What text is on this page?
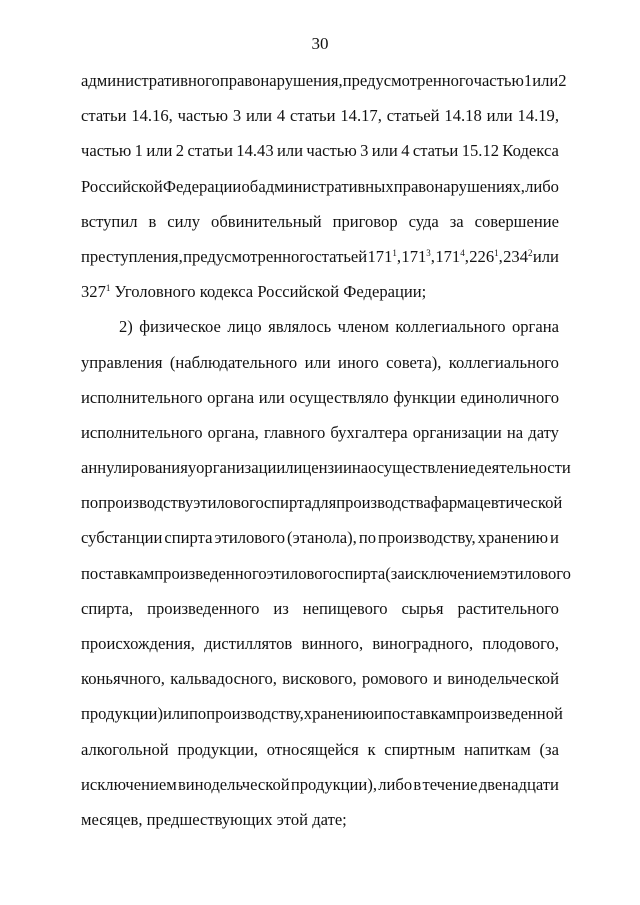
30
административного правонарушения, предусмотренного частью 1 или 2
статьи 14.16, частью 3 или 4 статьи 14.17, статьей 14.18 или 14.19,
частью 1 или 2 статьи 14.43 или частью 3 или 4 статьи 15.12 Кодекса
Российской Федерации об административных правонарушениях, либо
вступил в силу обвинительный приговор суда за совершение
преступления, предусмотренного статьей $171^1$, $171^3$, $171^4$, $226^1$, $234^2$ или
$327^1$ Уголовного кодекса Российской Федерации;
2) физическое лицо являлось членом коллегиального органа
управления (наблюдательного или иного совета), коллегиального
исполнительного органа или осуществляло функции единоличного
исполнительного органа, главного бухгалтера организации на дату
аннулирования у организации лицензии на осуществление деятельности
по производству этилового спирта для производства фармацевтической
субстанции спирта этилового (этанола), по производству, хранению и
поставкам произведенного этилового спирта (за исключением этилового
спирта, произведенного из непищевого сырья растительного
происхождения, дистиллятов винного, виноградного, плодового,
коньячного, кальвадосного, вискового, ромового и винодельческой
продукции) или по производству, хранению и поставкам произведенной
алкогольной продукции, относящейся к спиртным напиткам (за
исключением винодельческой продукции), либо в течение двенадцати
месяцев, предшествующих этой дате;
